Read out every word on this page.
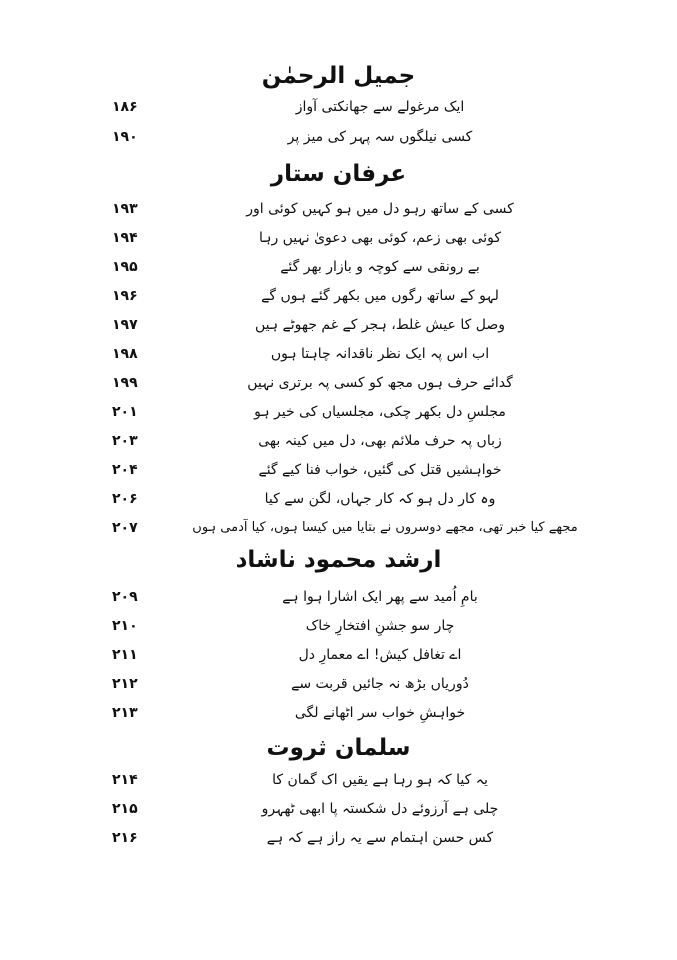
جمیل الرحمٰن
ایک مرغولے سے جھانکتی آواز
۱۸۶
کسی نیلگوں سہ پہر کی میز پر
۱۹۰
عرفان ستار
کسی کے ساتھ رہو دل میں ہو کہیں کوئی اور
۱۹۳
کوئی بھی زعم، کوئی بھی دعویٰ نہیں رہا
۱۹۴
بے رونقی سے کوچہ و بازار بھر گئے
۱۹۵
لہو کے ساتھ رگوں میں بکھر گئے ہوں گے
۱۹۶
وصل کا عیش غلط، ہجر کے غم جھوٹے ہیں
۱۹۷
اب اس پہ ایک نظر ناقدانہ چاہتا ہوں
۱۹۸
گدائے حرف ہوں مجھ کو کسی پہ برتری نہیں
۱۹۹
مجلسِ دل بکھر چکی، مجلسیاں کی خیر ہو
۲۰۱
زباں پہ حرف ملائم بھی، دل میں کینہ بھی
۲۰۳
خواہشیں قتل کی گئیں، خواب فنا کیے گئے
۲۰۴
وہ کار دل ہو کہ کار جہاں، لگن سے کیا
۲۰۶
مجھے کیا خبر تھی، مجھے دوسروں نے بتایا میں کیسا ہوں، کیا آدمی ہوں
۲۰۷
ارشد محمود ناشاد
بامِ اُمید سے پھر ایک اشارا ہوا ہے
۲۰۹
چار سو جشنِ افتخارِ خاک
۲۱۰
اے تغافل کیش! اے معمارِ دل
۲۱۱
دُوریاں بڑھ نہ جائیں قربت سے
۲۱۲
خواہشِ خواب سر اٹھانے لگی
۲۱۳
سلمان ثروت
یہ کیا کہ ہو رہا ہے یقیں اک گمان کا
۲۱۴
چلی ہے آرزوئے دل شکستہ پا ابھی ٹھہرو
۲۱۵
کس حسن اہتمام سے یہ راز ہے کہ ہے
۲۱۶
